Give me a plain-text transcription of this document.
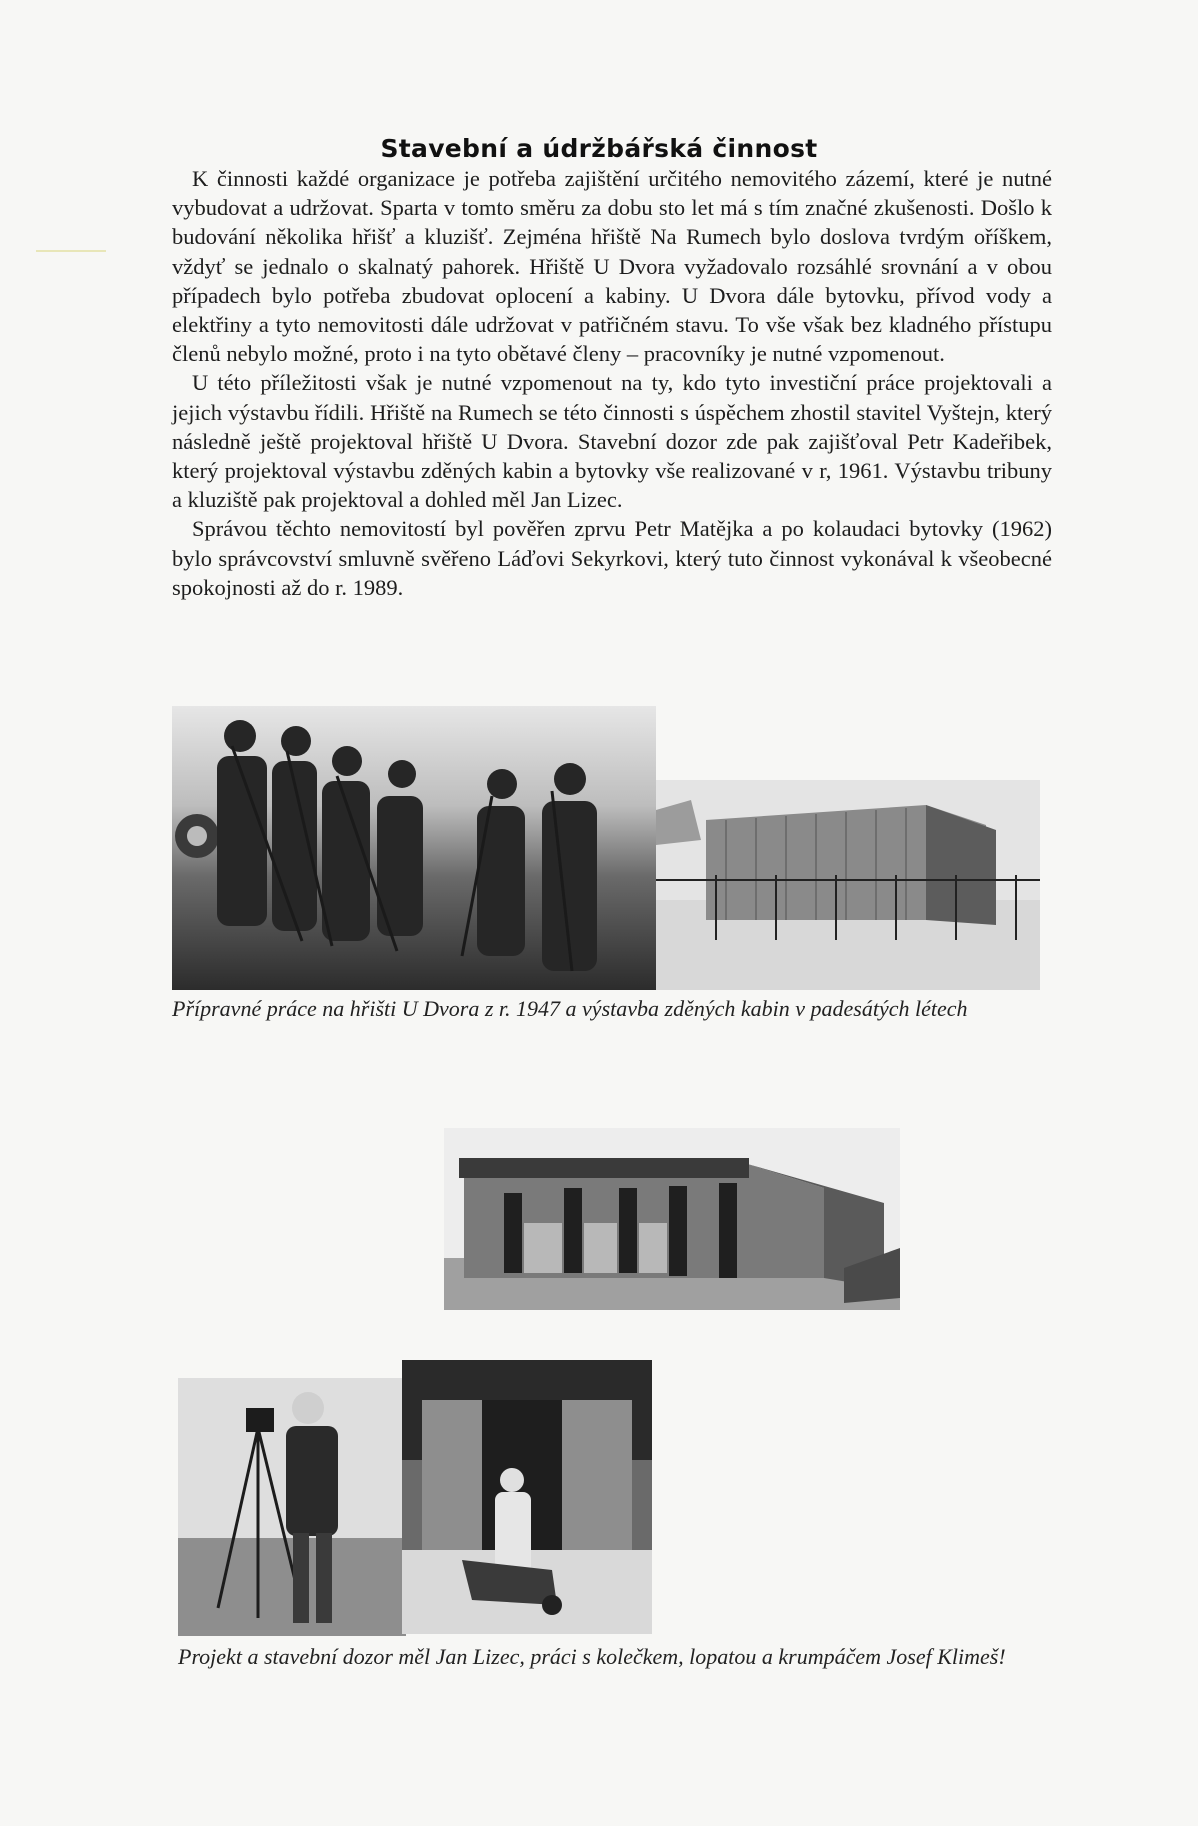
Stavební a údržbářská činnost

K činnosti každé organizace je potřeba zajištění určitého nemovitého zázemí, které je nutné vybudovat a udržovat. Sparta v tomto směru za dobu sto let má s tím značné zkušenosti. Došlo k budování několika hřišť a kluzišť. Zejména hřiště Na Rumech bylo doslova tvrdým oříškem, vždyť se jednalo o skalnatý pahorek. Hřiště U Dvora vyžadovalo rozsáhlé srovnání a v obou případech bylo potřeba zbudovat oplocení a kabiny. U Dvora dále bytovku, přívod vody a elektřiny a tyto nemovitosti dále udržovat v patřičném stavu. To vše však bez kladného přístupu členů nebylo možné, proto i na tyto obětavé členy – pracovníky je nutné vzpomenout.

U této příležitosti však je nutné vzpomenout na ty, kdo tyto investiční práce projektovali a jejich výstavbu řídili. Hřiště na Rumech se této činnosti s úspěchem zhostil stavitel Vyštejn, který následně ještě projektoval hřiště U Dvora. Stavební dozor zde pak zajišťoval Petr Kadeřibek, který projektoval výstavbu zděných kabin a bytovky vše realizované v r, 1961. Výstavbu tribuny a kluziště pak projektoval a dohled měl Jan Lizec.

Správou těchto nemovitostí byl pověřen zprvu Petr Matějka a po kolaudaci bytovky (1962) bylo správcovství smluvně svěřeno Láďovi Sekyrkovi, který tuto činnost vykonával k všeobecné spokojnosti až do r. 1989.

Přípravné práce na hřišti U Dvora z r. 1947 a výstavba zděných kabin v padesátých létech
Projekt a stavební dozor měl Jan Lizec, práci s kolečkem, lopatou a krumpáčem Josef Klimeš!
